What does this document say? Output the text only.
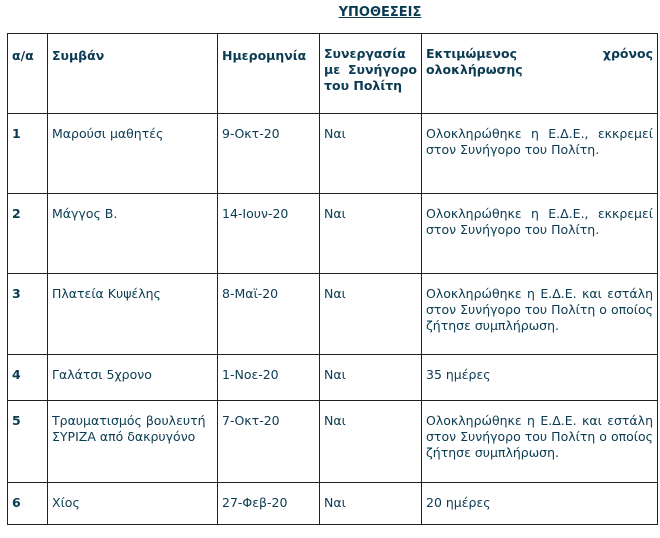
ΥΠΟΘΕΣΕΙΣ
α/α	Συμβάν	Ημερομηνία	Συνεργασία με Συνήγορο του Πολίτη	Εκτιμώμενος χρόνος
ολοκλήρωσης
1	Μαρούσι μαθητές	9-Οκτ-20	Ναι	Ολοκληρώθηκε η Ε.Δ.Ε., εκκρεμεί στον Συνήγορο του Πολίτη.
2	Μάγγος Β.	14-Ιουν-20	Ναι	Ολοκληρώθηκε η Ε.Δ.Ε., εκκρεμεί στον Συνήγορο του Πολίτη.
3	Πλατεία Κυψέλης	8-Μαϊ-20	Ναι	Ολοκληρώθηκε η Ε.Δ.Ε. και εστάλη στον Συνήγορο του Πολίτη ο οποίος ζήτησε συμπλήρωση.
4	Γαλάτσι 5χρονο	1-Νοε-20	Ναι	35 ημέρες
5	Τραυματισμός βουλευτή ΣΥΡΙΖΑ από δακρυγόνο	7-Οκτ-20	Ναι	Ολοκληρώθηκε η Ε.Δ.Ε. και εστάλη στον Συνήγορο του Πολίτη ο οποίος ζήτησε συμπλήρωση.
6	Χίος	27-Φεβ-20	Ναι	20 ημέρες
